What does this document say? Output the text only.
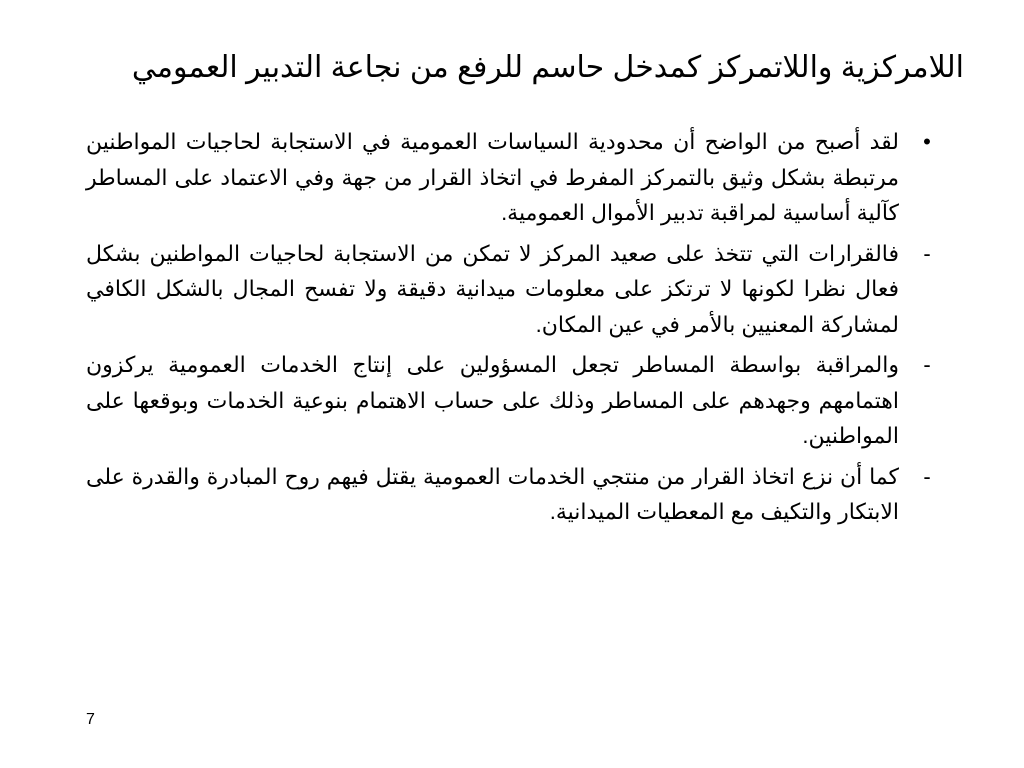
اللامركزية واللاتمركز كمدخل حاسم للرفع من نجاعة التدبير العمومي
•
لقد أصبح من الواضح أن محدودية السياسات العمومية في الاستجابة لحاجيات المواطنين مرتبطة بشكل وثيق بالتمركز المفرط في اتخاذ القرار من جهة وفي الاعتماد على المساطر كآلية أساسية لمراقبة تدبير الأموال العمومية.
-
فالقرارات التي تتخذ على صعيد المركز لا تمكن من الاستجابة لحاجيات المواطنين بشكل فعال نظرا لكونها لا ترتكز على معلومات ميدانية دقيقة ولا تفسح المجال بالشكل الكافي لمشاركة المعنيين بالأمر في عين المكان.
-
والمراقبة بواسطة المساطر تجعل المسؤولين على إنتاج الخدمات العمومية يركزون اهتمامهم وجهدهم على المساطر وذلك على حساب الاهتمام بنوعية الخدمات وبوقعها على المواطنين.
-
كما أن نزع اتخاذ القرار من منتجي الخدمات العمومية يقتل فيهم روح المبادرة والقدرة على الابتكار والتكيف مع المعطيات الميدانية.
7
